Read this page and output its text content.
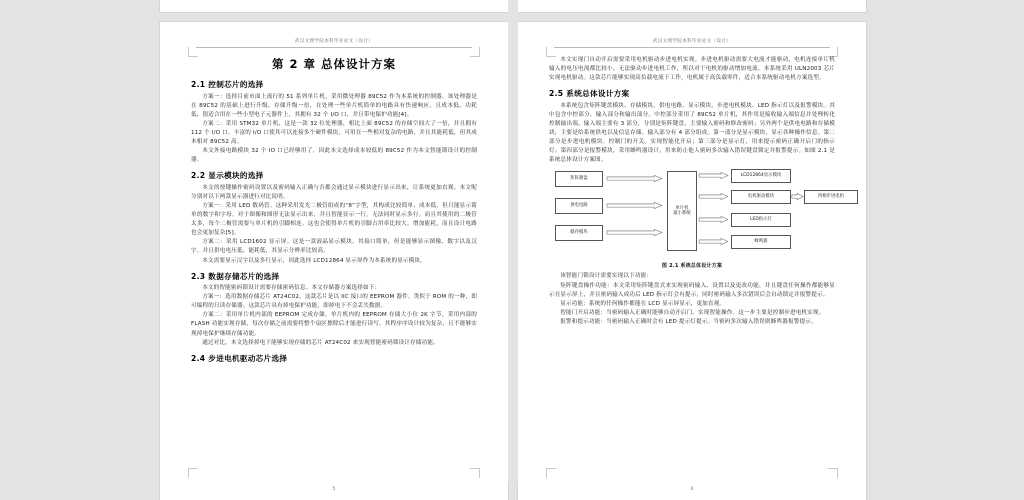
武汉文理学院本科毕业论文（设计）
第 2 章 总体设计方案
2.1 控制芯片的选择

方案一：选择目前市面上流行的 51 系列单片机，采用微处理器 89C52 作为本系统的控制器。该处理器是在 89C52 的基础上进行升级，存储升级一倍，在处理一些单片机简单的电路具有快速响应，且成本低、功耗低，很适合用在一些小型电子元器件上，其拥有 32 个 I/O 口，并且带电保护功能[4]。

方案二：采用 STM32 单片机，这是一款 32 位处理器，相比上面 89C52 的存储空间大了一倍，并且拥有 112 个 I/O 口，丰富的 I/O 口使其可以连接多个硬件模块，可用在一些相对复杂的电路，并且其能耗低，但其成本相对 89C52 高。

本文外接电路模块 32 个 IO 口已经够用了，因此本文选择成本较低的 89C52 作为本文智能锁设计的控制器。

2.2 显示模块的选择

本文的按键操作密码设置以及密码输入正确与否都会通过显示模块进行显示出来，让系统更加直观。本文呢分别对以下两款显示器进行对比说明。

方案一：采用 LED 数码管。这种采用发光二极管组成的“8”字型，其构成比较简单、成本低，但只能显示简单的数字和字母。对于图像和图形无法显示出来，并且智能显示一行，无法同时显示多行。而且其使用的二极管太多，每个二极管需要与单片机的引脚相连。这也会使得单片机的引脚占用率比较大。增加能耗，而且设计电路也会更加复杂[5]。

方案二：采用 LCD1602 显示屏。这是一款液晶显示模块。其接口简单，但是能够显示图像、数字以及汉字。并且供电电压低、能耗低，其显示分辨率比较高。

本文需要显示汉字以及多行显示，因此选择 LCD12864 显示屏作为本系统的显示模块。

2.3 数据存储芯片的选择

本文的智能密码锁设计需要存储密码信息。本文存储器方案选择如下：

方案一：选用数据存储芯片 AT24C02。这款芯片是以 IIC 接口的 EEPROM 器件。类似于 ROM 的一种，即可编程的只读存储器。这款芯片具有掉电保护功能，即掉电下不会丢失数据。

方案二：采用单片机内部的 EEPROM 完成存储。单片机内的 EEPROM 存储大小位 2K 字节，采用内部的 FLASH 功能实现存储，每次存储之前需要将整个扇区擦除后才能进行读写，其程序序设计较为复杂，且不能够实现掉电保护继续存储功能。

通过对比，本文选择掉电下能够实现存储的芯片 AT24C02 来实现智能密码锁设计存储功能。

2.4 步进电机驱动芯片选择
5
武汉文理学院本科毕业论文（设计）

本文实现门自动开启需要采用电机驱动步进电机实现。步进电机驱动需要大电流才能驱动，电机连接单片机输入的电压电流都比较小，无法驱动步进电机工作，所以对于电机的驱动增加电流。本系统采用 ULN2003 芯片实现电机驱动。这款芯片能够实现高负载电流下工作，电机属于高负载零件，适合本系统驱动电机方案选型。

2.5 系统总体设计方案

本系统包含矩阵键盘模块、存储模块、供电电路、显示模块，步进电机模块、LED 指示灯以及报警模块。其中包含中控部分、输入部分和输出部分。中控部分采用了 89C52 单片机，其作用是接收输入端信息并处理转化控制输出端。输入端主要有 3 部分，分别是矩阵键盘，主要输入密码和修改密码；另外两个是供电电路和存储模块，主要是给系统供电以及信息存储。输入部分有 4 部分组成。第一部分是显示模块，显示各种操作信息。第二部分是步进电机模块。控制门的开关。实现智能化开启；第三部分是显示灯，用来提示密码正确开启门的指示灯；第四部分是报警模块，采用蜂鸣器设计，用来防止他人密码多次输入错误键盘锁定并报警提示。如图 2.1 是系统总体设计方案图。

矩阵键盘
供电电路
储存模块
单片机
最小系统
LCD12864显示模块
电机驱动模块
LED指示灯
蜂鸣器
四相步进电机
图 2.1 系统总体设计方案

该智能门锁设计需要实现以下功能：

矩阵键盘操作功能：本文采用矩阵键盘式来实现密码输入、设置以及更改功能，并且键盘任何操作都能够显示在显示屏上，并且密码输入成功后 LED 指示灯会有提示，同时密码输入多次错误后会自动锁定并报警提示。

显示功能：系统的任何操作都能在 LCD 显示屏显示，更加直观。

智能门开启功能：当密码输入正确时能够自动开启门。实现智能操作。这一步主要是控制步进电机实现。

报警和提示功能：当密码输入正确时会有 LED 提示灯提示。当密码多次输入错误则蜂鸣器报警提示。

4
